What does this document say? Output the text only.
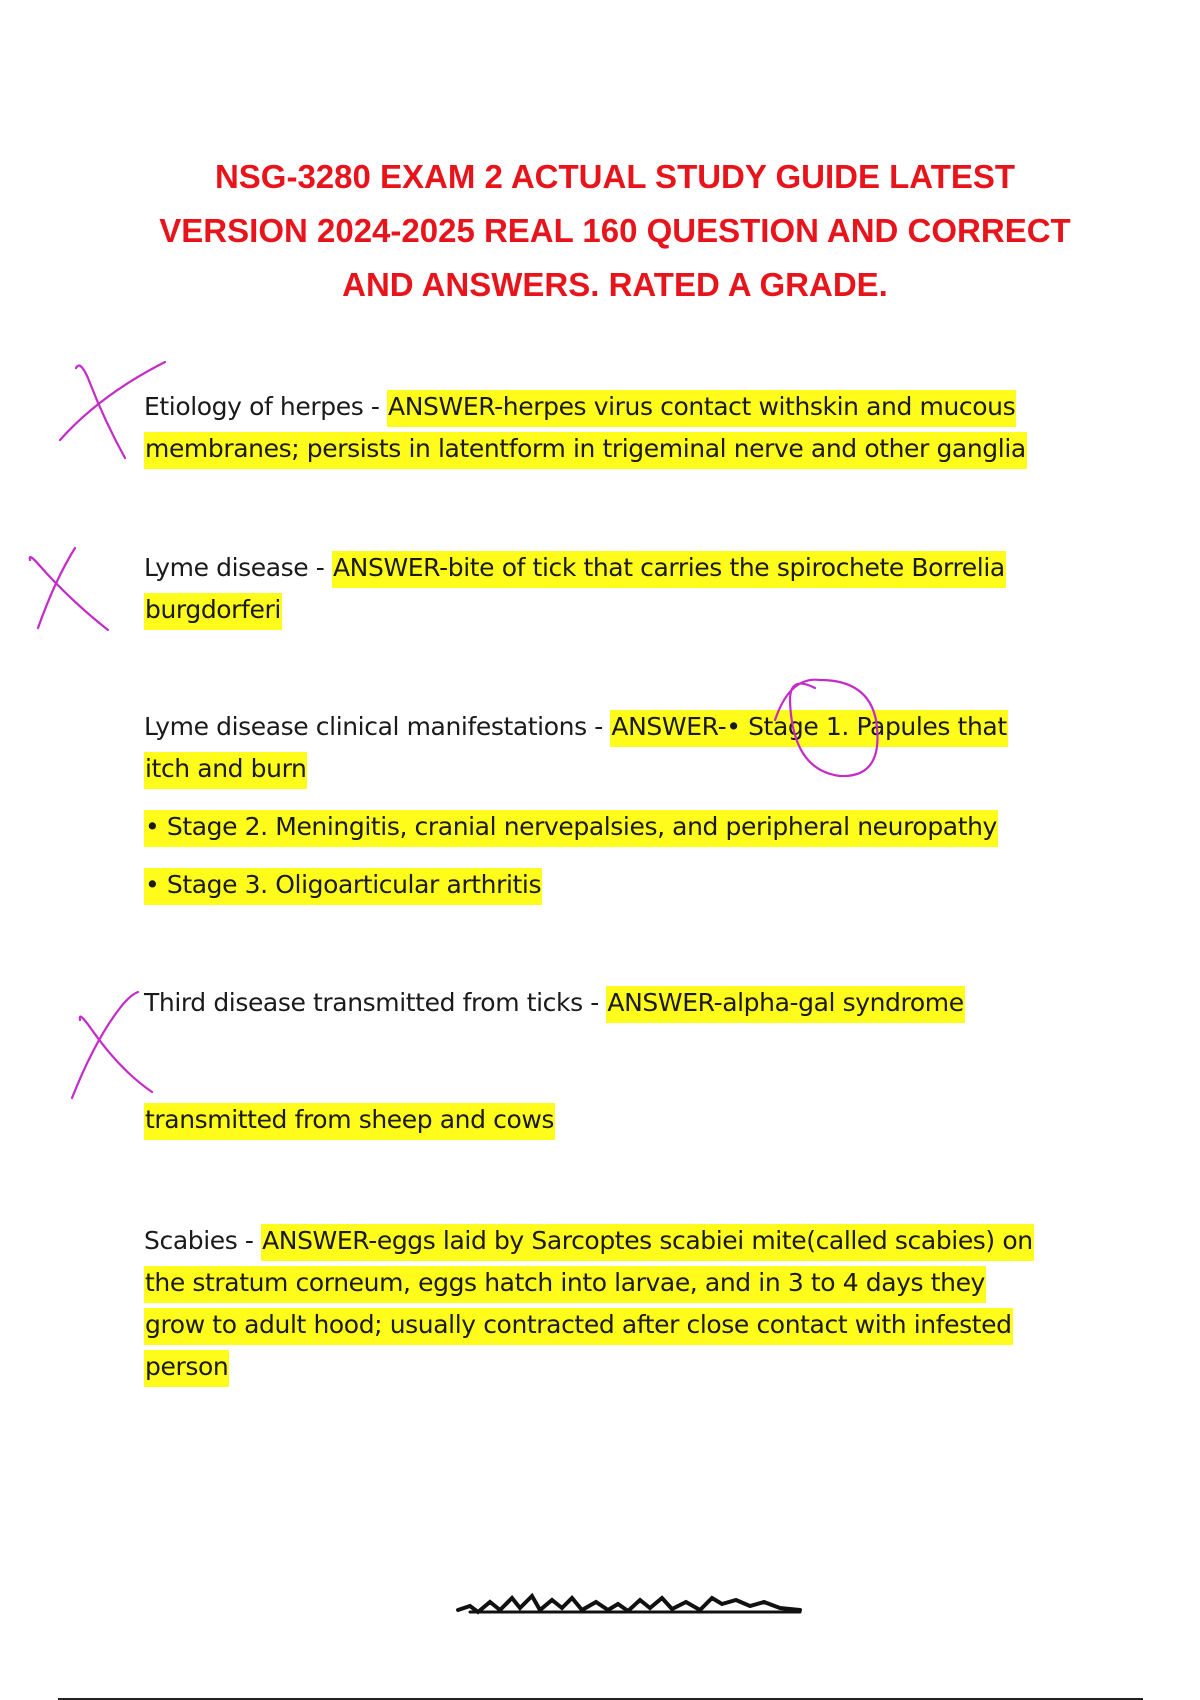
NSG-3280 EXAM 2 ACTUAL STUDY GUIDE LATEST
VERSION 2024-2025 REAL 160 QUESTION AND CORRECT
AND ANSWERS. RATED A GRADE.
Etiology of herpes - ANSWER-herpes virus contact withskin and mucous
membranes; persists in latentform in trigeminal nerve and other ganglia
Lyme disease - ANSWER-bite of tick that carries the spirochete Borrelia
burgdorferi
Lyme disease clinical manifestations - ANSWER-• Stage 1. Papules that
itch and burn
• Stage 2. Meningitis, cranial nervepalsies, and peripheral neuropathy
• Stage 3. Oligoarticular arthritis
Third disease transmitted from ticks - ANSWER-alpha-gal syndrome
transmitted from sheep and cows
Scabies - ANSWER-eggs laid by Sarcoptes scabiei mite(called scabies) on
the stratum corneum, eggs hatch into larvae, and in 3 to 4 days they
grow to adult hood; usually contracted after close contact with infested
person
